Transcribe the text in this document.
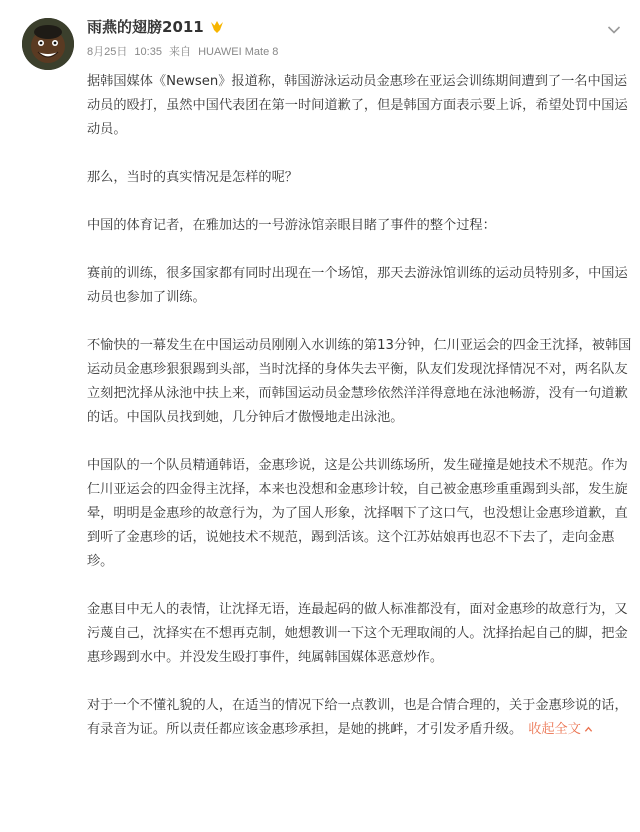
雨燕的翅膀2011
8月25日 10:35 来自 HUAWEI Mate 8

据韩国媒体《Newsen》报道称，韩国游泳运动员金惠珍在亚运会训练期间遭到了一名中国运动员的殴打，虽然中国代表团在第一时间道歉了，但是韩国方面表示要上诉，希望处罚中国运动员。

那么，当时的真实情况是怎样的呢？

中国的体育记者，在雅加达的一号游泳馆亲眼目睹了事件的整个过程：

赛前的训练，很多国家都有同时出现在一个场馆，那天去游泳馆训练的运动员特别多，中国运动员也参加了训练。

不愉快的一幕发生在中国运动员刚刚入水训练的第13分钟，仁川亚运会的四金王沈择，被韩国运动员金惠珍狠狠踢到头部，当时沈择的身体失去平衡，队友们发现沈择情况不对，两名队友立刻把沈择从泳池中扶上来，而韩国运动员金慧珍依然洋洋得意地在泳池畅游，没有一句道歉的话。中国队员找到她，几分钟后才傲慢地走出泳池。

中国队的一个队员精通韩语，金惠珍说，这是公共训练场所，发生碰撞是她技术不规范。作为仁川亚运会的四金得主沈择，本来也没想和金惠珍计较，自己被金惠珍重重踢到头部，发生旋晕，明明是金惠珍的故意行为，为了国人形象，沈择咽下了这口气，也没想让金惠珍道歉，直到听了金惠珍的话，说她技术不规范，踢到活该。这个江苏姑娘再也忍不下去了，走向金惠珍。

金惠目中无人的表情，让沈择无语，连最起码的做人标准都没有，面对金惠珍的故意行为，又污蔑自己，沈择实在不想再克制，她想教训一下这个无理取闹的人。沈择抬起自己的脚，把金惠珍踢到水中。并没发生殴打事件，纯属韩国媒体恶意炒作。

对于一个不懂礼貌的人，在适当的情况下给一点教训，也是合情合理的，关于金惠珍说的话，有录音为证。所以责任都应该金惠珍承担，是她的挑衅，才引发矛盾升级。 收起全文
